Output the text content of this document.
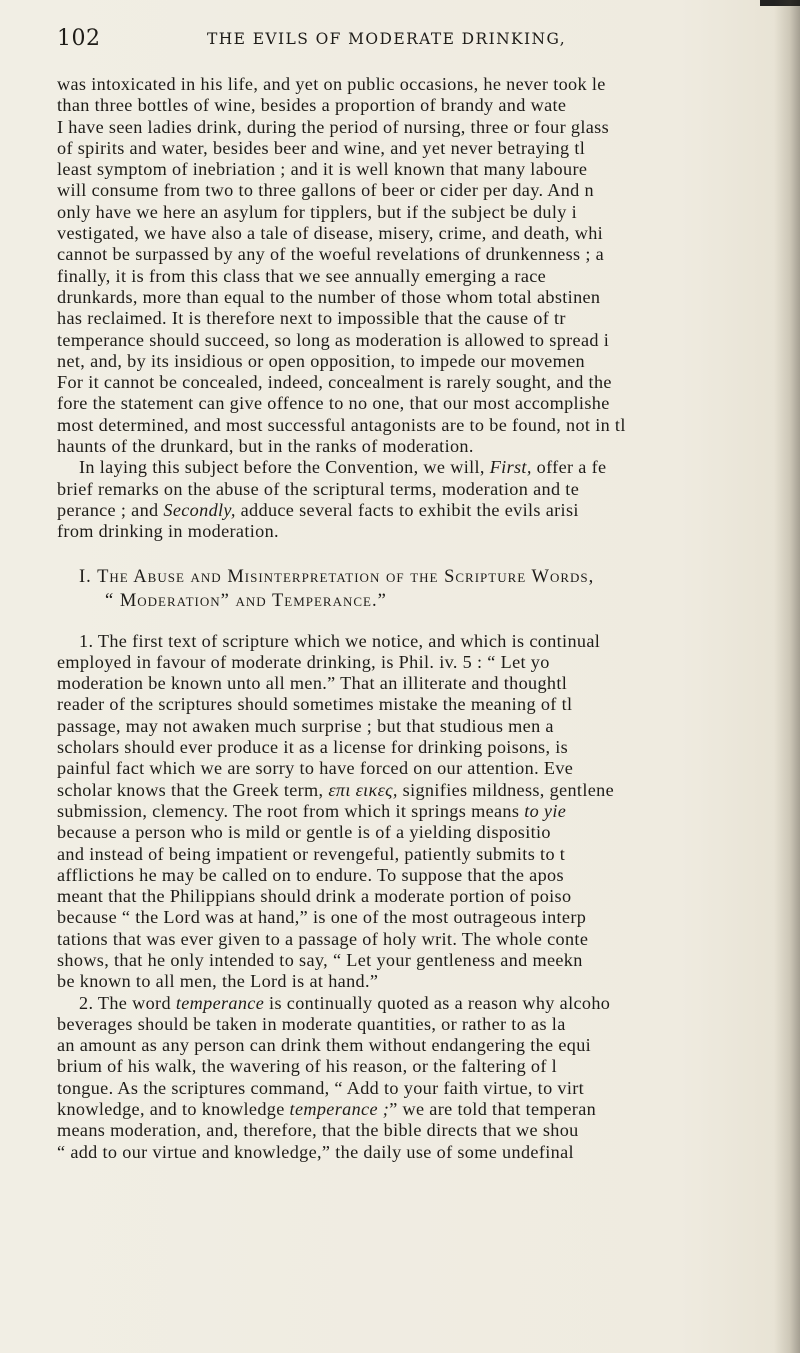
102	THE EVILS OF MODERATE DRINKING,
was intoxicated in his life, and yet on public occasions, he never took le
than three bottles of wine, besides a proportion of brandy and wate
I have seen ladies drink, during the period of nursing, three or four glass
of spirits and water, besides beer and wine, and yet never betraying tl
least symptom of inebriation ; and it is well known that many laboure
will consume from two to three gallons of beer or cider per day. And n
only have we here an asylum for tipplers, but if the subject be duly i
vestigated, we have also a tale of disease, misery, crime, and death, whi
cannot be surpassed by any of the woeful revelations of drunkenness ; a
finally, it is from this class that we see annually emerging a race
drunkards, more than equal to the number of those whom total abstinen
has reclaimed. It is therefore next to impossible that the cause of tr
temperance should succeed, so long as moderation is allowed to spread i
net, and, by its insidious or open opposition, to impede our movemen
For it cannot be concealed, indeed, concealment is rarely sought, and the
fore the statement can give offence to no one, that our most accomplishe
most determined, and most successful antagonists are to be found, not in tl
haunts of the drunkard, but in the ranks of moderation.
In laying this subject before the Convention, we will, First, offer a fe
brief remarks on the abuse of the scriptural terms, moderation and te
perance ; and Secondly, adduce several facts to exhibit the evils arisi
from drinking in moderation.
I. The Abuse and Misinterpretation of the Scripture Words,
“ Moderation” and Temperance.”
1. The first text of scripture which we notice, and which is continual
employed in favour of moderate drinking, is Phil. iv. 5 : “ Let yo
moderation be known unto all men.” That an illiterate and thoughtl
reader of the scriptures should sometimes mistake the meaning of tl
passage, may not awaken much surprise ; but that studious men a
scholars should ever produce it as a license for drinking poisons, is
painful fact which we are sorry to have forced on our attention. Eve
scholar knows that the Greek term, επι εικες, signifies mildness, gentlene
submission, clemency. The root from which it springs means to yie
because a person who is mild or gentle is of a yielding dispositio
and instead of being impatient or revengeful, patiently submits to t
afflictions he may be called on to endure. To suppose that the apos
meant that the Philippians should drink a moderate portion of poiso
because “ the Lord was at hand,” is one of the most outrageous interp
tations that was ever given to a passage of holy writ. The whole conte
shows, that he only intended to say, “ Let your gentleness and meekn
be known to all men, the Lord is at hand.”
2. The word temperance is continually quoted as a reason why alcoho
beverages should be taken in moderate quantities, or rather to as la
an amount as any person can drink them without endangering the equi
brium of his walk, the wavering of his reason, or the faltering of l
tongue. As the scriptures command, “ Add to your faith virtue, to virt
knowledge, and to knowledge temperance ;” we are told that temperan
means moderation, and, therefore, that the bible directs that we shou
“ add to our virtue and knowledge,” the daily use of some undefinal
